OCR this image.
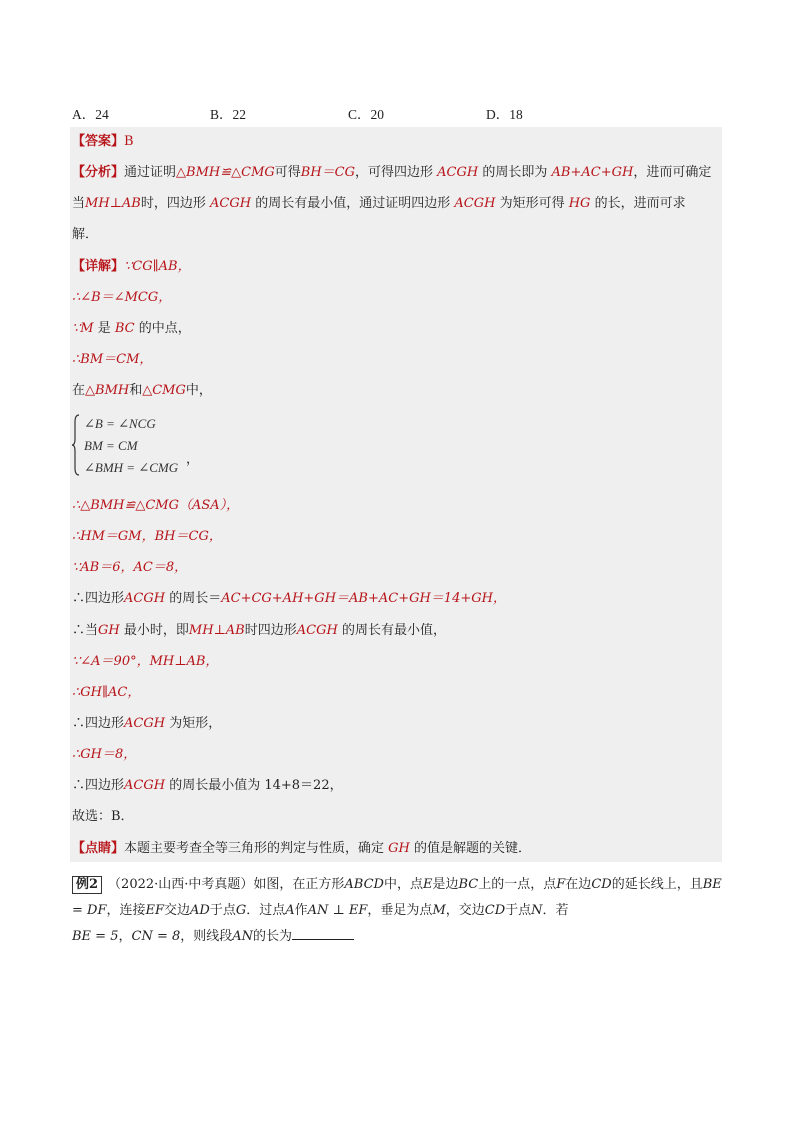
A．24	B．22	C．20	D．18
【答案】B
【分析】通过证明△BMH≌△CMG可得BH＝CG，可得四边形 ACGH 的周长即为 AB+AC+GH，进而可确定
当MH⊥AB时，四边形 ACGH 的周长有最小值，通过证明四边形 ACGH 为矩形可得 HG 的长，进而可求
解．
【详解】∵CG∥AB，
∴∠B＝∠MCG，
∵M 是 BC 的中点，
∴BM＝CM，
在△BMH和△CMG中，
∠B = ∠NCG
BM = CM
∠BMH = ∠CMG
，
∴△BMH≌△CMG（ASA），
∴HM＝GM，BH＝CG，
∵AB＝6，AC＝8，
∴四边形ACGH 的周长＝AC+CG+AH+GH＝AB+AC+GH＝14+GH，
∴当GH 最小时，即MH⊥AB时四边形ACGH 的周长有最小值，
∵∠A＝90°，MH⊥AB，
∴GH∥AC，
∴四边形ACGH 为矩形，
∴GH＝8，
∴四边形ACGH 的周长最小值为 14+8＝22，
故选：B．
【点睛】本题主要考查全等三角形的判定与性质，确定 GH 的值是解题的关键．
例2 （2022·山西·中考真题）如图，在正方形ABCD中，点E是边BC上的一点，点F在边CD的延长线上，且BE = DF，连接EF交边AD于点G．过点A作AN ⊥ EF，垂足为点M，交边CD于点N．若
BE = 5，CN = 8，则线段AN的长为
